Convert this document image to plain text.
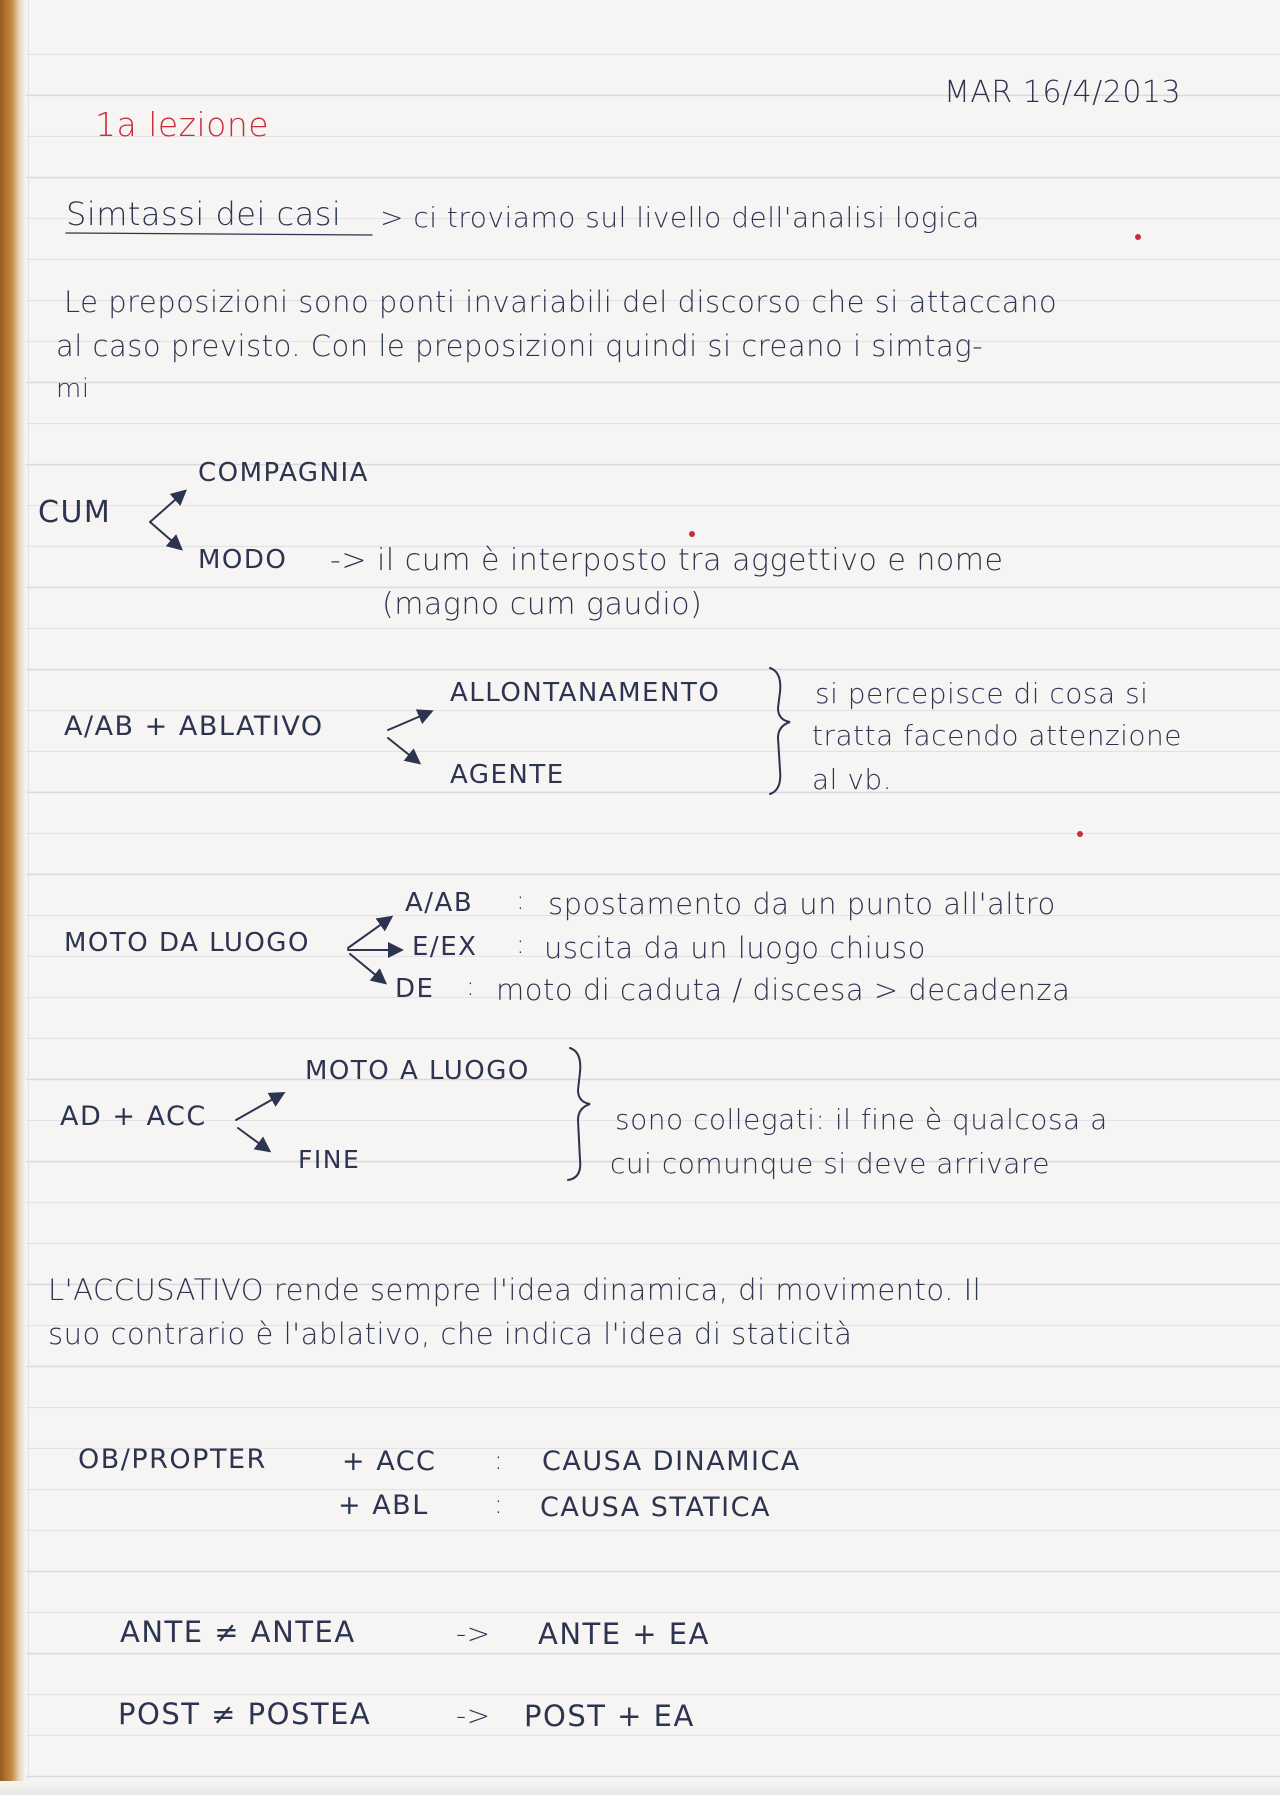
MAR 16/4/2013
1a lezione
Simtassi dei casi > ci troviamo sul livello dell'analisi logica
Le preposizioni sono ponti invariabili del discorso che si attaccano
al caso previsto. Con le preposizioni quindi si creano i simtag-
mi
CUM
COMPAGNIA
MODO -> il cum è interposto tra aggettivo e nome
(magno cum gaudio)
A/AB + ABLATIVO
ALLONTANAMENTO
AGENTE
si percepisce di cosa si
tratta facendo attenzione
al vb.
MOTO DA LUOGO
A/AB : spostamento da un punto all'altro
E/EX : uscita da un luogo chiuso
DE : moto di caduta / discesa > decadenza
AD + ACC
MOTO A LUOGO
FINE
sono collegati: il fine è qualcosa a
cui comunque si deve arrivare
L'ACCUSATIVO rende sempre l'idea dinamica, di movimento. Il
suo contrario è l'ablativo, che indica l'idea di staticità
OB/PROPTER	+ ACC : CAUSA DINAMICA
+ ABL	: CAUSA STATICA
ANTE ≠ ANTEA	-> ANTE + EA
POST ≠ POSTEA	-> POST + EA
